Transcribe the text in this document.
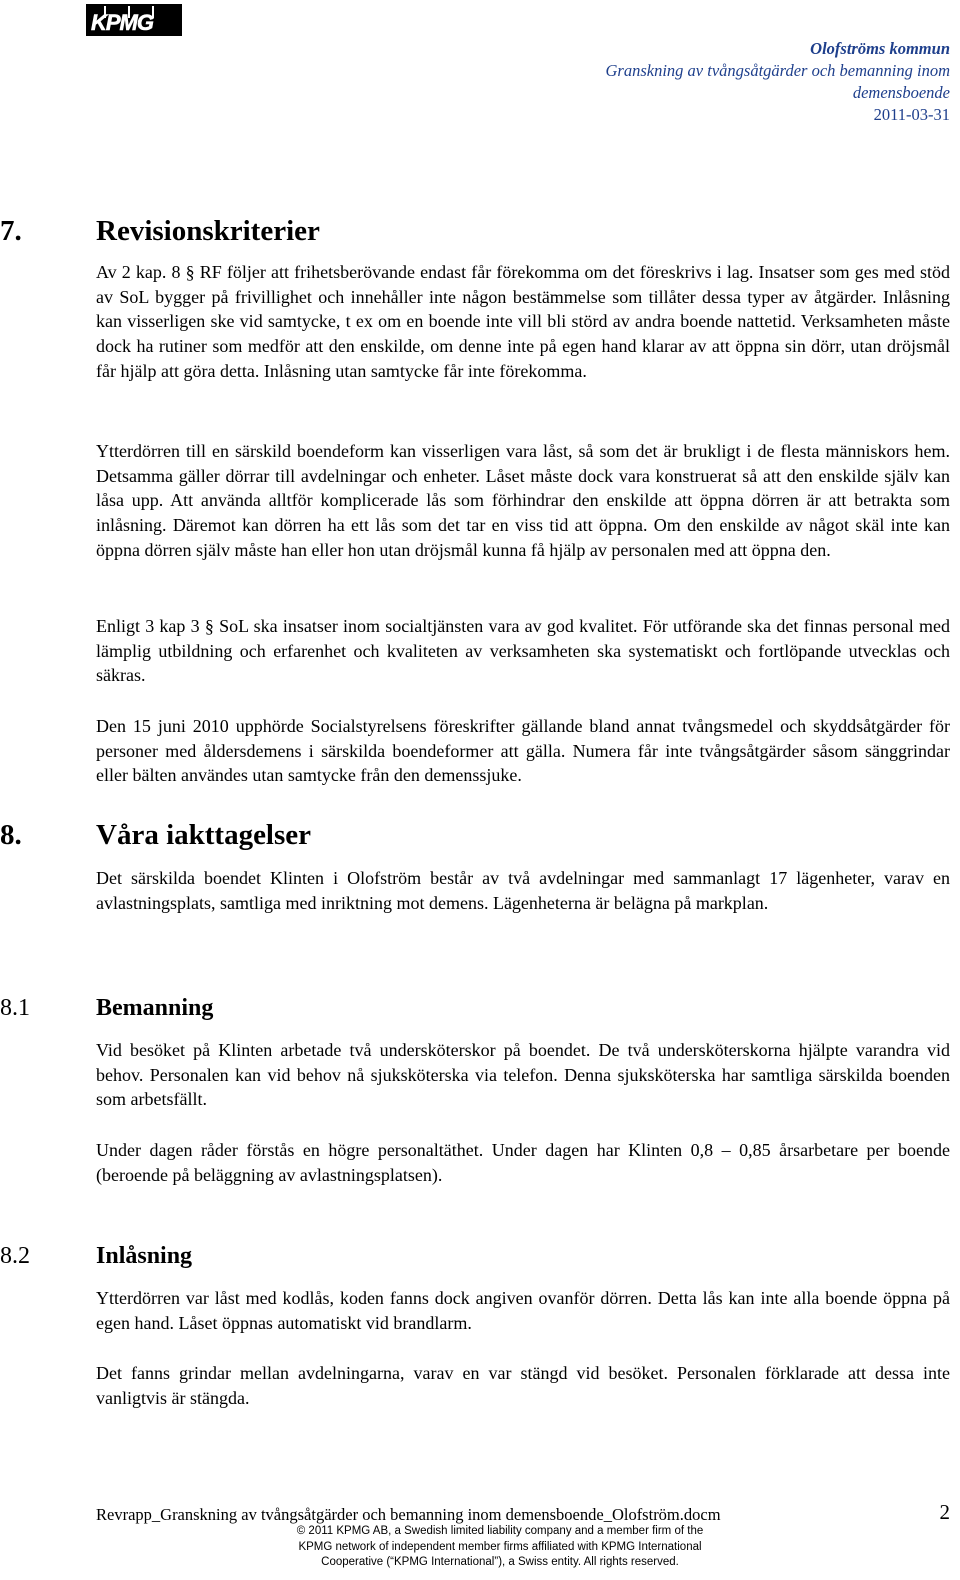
KPMG
Olofströms kommun
Granskning av tvångsåtgärder och bemanning inom demensboende
2011-03-31
7.	Revisionskriterier
Av 2 kap. 8 § RF följer att frihetsberövande endast får förekomma om det föreskrivs i lag. Insatser som ges med stöd av SoL bygger på frivillighet och innehåller inte någon bestämmelse som tillåter dessa typer av åtgärder. Inlåsning kan visserligen ske vid samtycke, t ex om en boende inte vill bli störd av andra boende nattetid. Verksamheten måste dock ha rutiner som medför att den enskilde, om denne inte på egen hand klarar av att öppna sin dörr, utan dröjsmål får hjälp att göra detta. Inlåsning utan samtycke får inte förekomma.
Ytterdörren till en särskild boendeform kan visserligen vara låst, så som det är brukligt i de flesta människors hem. Detsamma gäller dörrar till avdelningar och enheter. Låset måste dock vara konstruerat så att den enskilde själv kan låsa upp. Att använda alltför komplicerade lås som förhindrar den enskilde att öppna dörren är att betrakta som inlåsning. Däremot kan dörren ha ett lås som det tar en viss tid att öppna. Om den enskilde av något skäl inte kan öppna dörren själv måste han eller hon utan dröjsmål kunna få hjälp av personalen med att öppna den.
Enligt 3 kap 3 § SoL ska insatser inom socialtjänsten vara av god kvalitet. För utförande ska det finnas personal med lämplig utbildning och erfarenhet och kvaliteten av verksamheten ska systematiskt och fortlöpande utvecklas och säkras.
Den 15 juni 2010 upphörde Socialstyrelsens föreskrifter gällande bland annat tvångsmedel och skyddsåtgärder för personer med åldersdemens i särskilda boendeformer att gälla. Numera får inte tvångsåtgärder såsom sänggrindar eller bälten användes utan samtycke från den demenssjuke.
8.	Våra iakttagelser
Det särskilda boendet Klinten i Olofström består av två avdelningar med sammanlagt 17 lägenheter, varav en avlastningsplats, samtliga med inriktning mot demens. Lägenheterna är belägna på markplan.
8.1	Bemanning
Vid besöket på Klinten arbetade två undersköterskor på boendet. De två undersköterskorna hjälpte varandra vid behov. Personalen kan vid behov nå sjuksköterska via telefon. Denna sjuksköterska har samtliga särskilda boenden som arbetsfällt.
Under dagen råder förstås en högre personaltäthet. Under dagen har Klinten 0,8 – 0,85 årsarbetare per boende (beroende på beläggning av avlastningsplatsen).
8.2	Inlåsning
Ytterdörren var låst med kodlås, koden fanns dock angiven ovanför dörren. Detta lås kan inte alla boende öppna på egen hand. Låset öppnas automatiskt vid brandlarm.
Det fanns grindar mellan avdelningarna, varav en var stängd vid besöket. Personalen förklarade att dessa inte vanligtvis är stängda.
Revrapp_Granskning av tvångsåtgärder och bemanning inom demensboende_Olofström.docm	2
© 2011 KPMG AB, a Swedish limited liability company and a member firm of the
KPMG network of independent member firms affiliated with KPMG International
Cooperative (“KPMG International”), a Swiss entity. All rights reserved.
